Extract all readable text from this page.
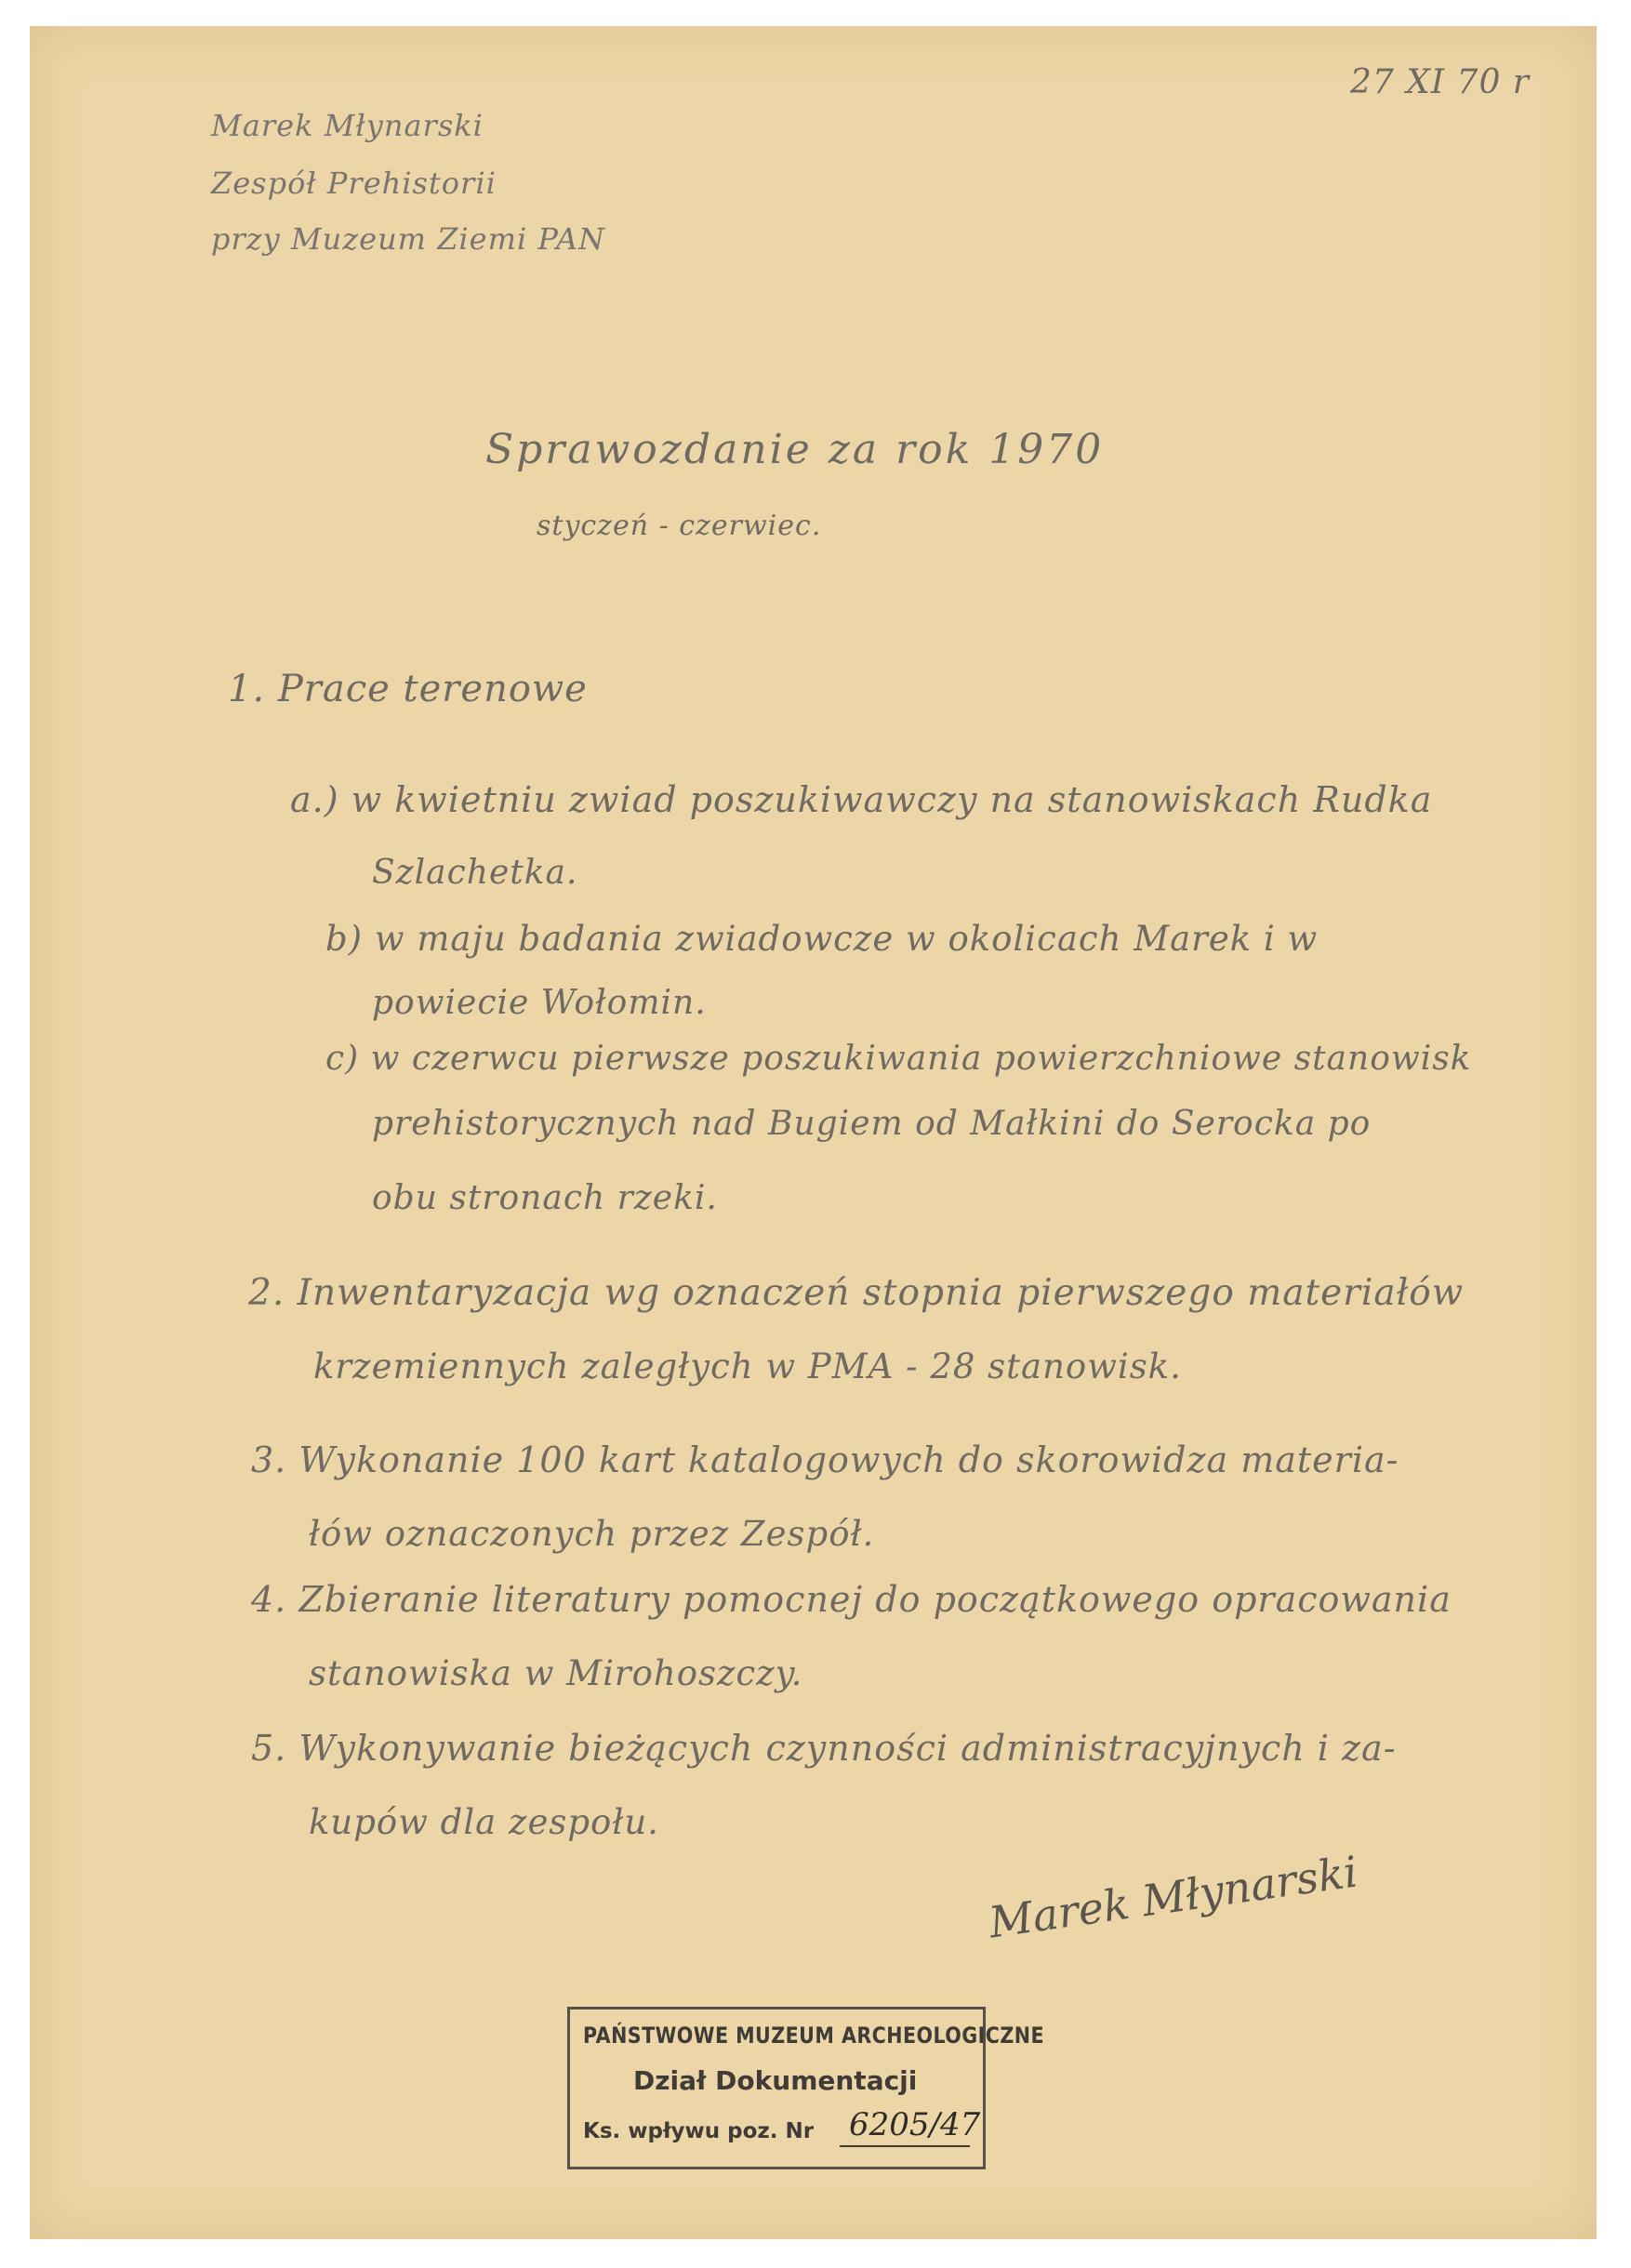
27 XI 70 r
Marek Młynarski
Zespół Prehistorii
przy Muzeum Ziemi PAN
Sprawozdanie za rok 1970
styczeń - czerwiec.
1. Prace terenowe
a.) w kwietniu zwiad poszukiwawczy na stanowiskach Rudka
Szlachetka.
b) w maju badania zwiadowcze w okolicach Marek i w
powiecie Wołomin.
c) w czerwcu pierwsze poszukiwania powierzchniowe stanowisk
prehistorycznych nad Bugiem od Małkini do Serocka po
obu stronach rzeki.
2. Inwentaryzacja wg oznaczeń stopnia pierwszego materiałów
krzemiennych zaległych w PMA - 28 stanowisk.
3. Wykonanie 100 kart katalogowych do skorowidza materia-
łów oznaczonych przez Zespół.
4. Zbieranie literatury pomocnej do początkowego opracowania
stanowiska w Mirohoszczy.
5. Wykonywanie bieżących czynności administracyjnych i za-
kupów dla zespołu.
Marek Młynarski
PAŃSTWOWE MUZEUM ARCHEOLOGICZNE
Dział Dokumentacji
Ks. wpływu poz. Nr 6205/47
